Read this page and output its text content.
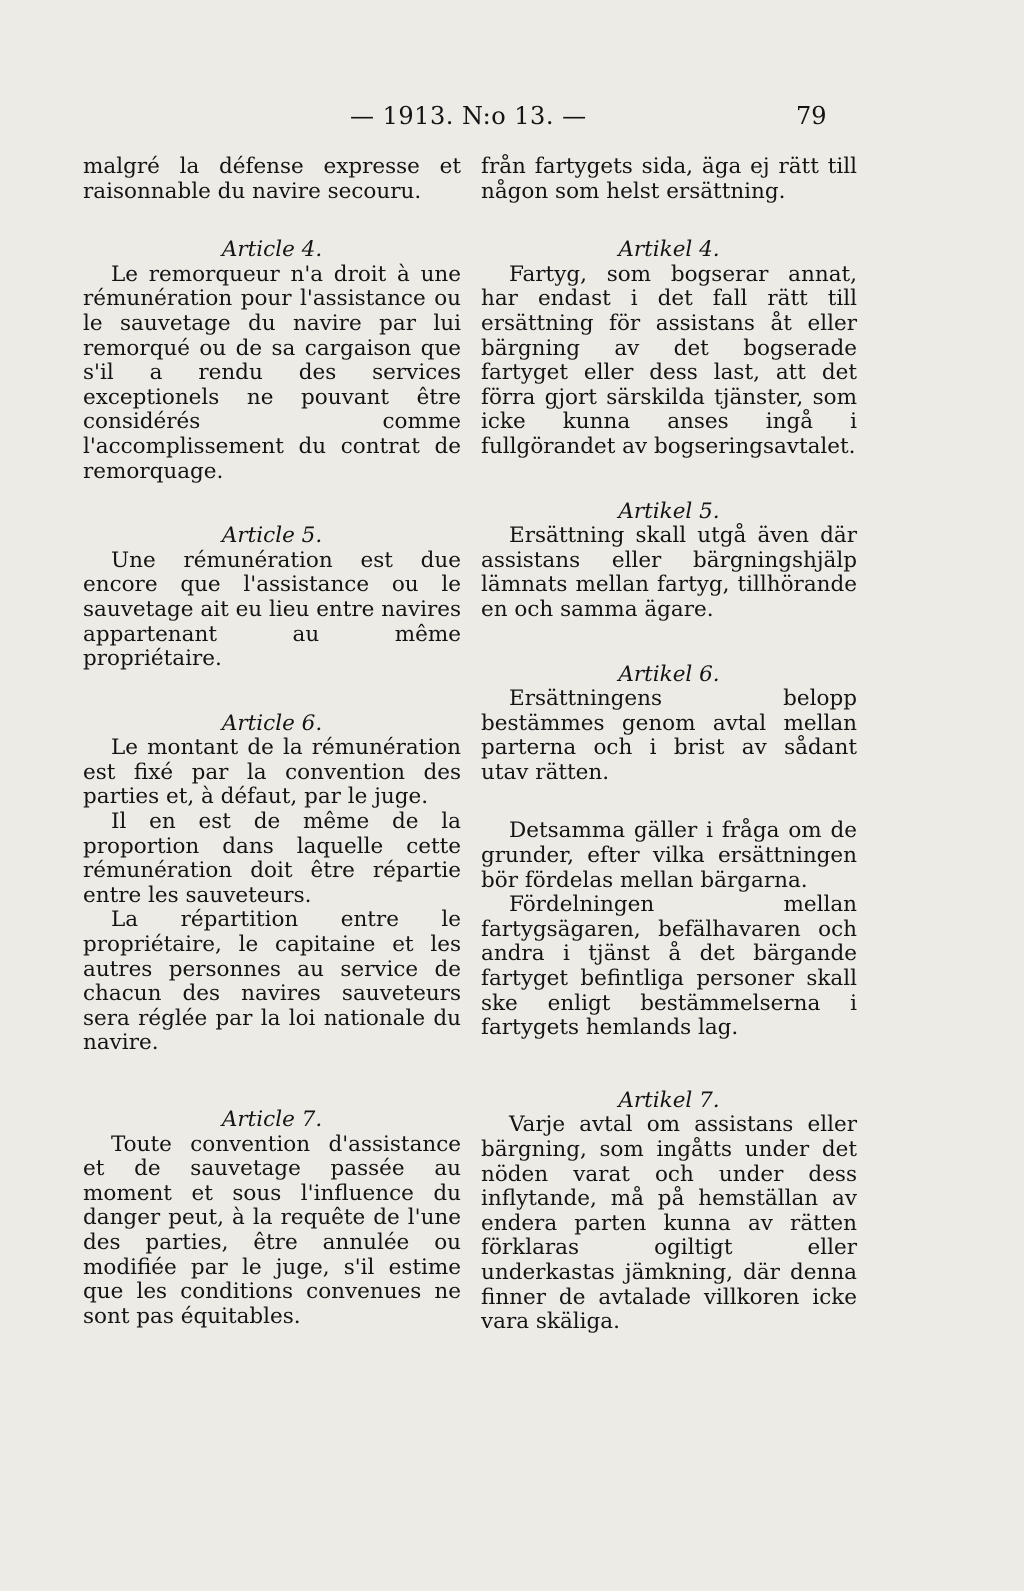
— 1913. N:o 13. —	79

malgré la défense expresse et raisonnable du navire secouru.

Article 4.

Le remorqueur n'a droit à une rémunération pour l'assistance ou le sauvetage du navire par lui remorqué ou de sa cargaison que s'il a rendu des services exceptionels ne pouvant être considérés comme l'accomplissement du contrat de remorquage.

Article 5.

Une rémunération est due encore que l'assistance ou le sauvetage ait eu lieu entre navires appartenant au même propriétaire.

Article 6.

Le montant de la rémunération est fixé par la convention des parties et, à défaut, par le juge.

Il en est de même de la proportion dans laquelle cette rémunération doit être répartie entre les sauveteurs.

La répartition entre le propriétaire, le capitaine et les autres personnes au service de chacun des navires sauveteurs sera réglée par la loi nationale du navire.

Article 7.

Toute convention d'assistance et de sauvetage passée au moment et sous l'influence du danger peut, à la requête de l'une des parties, être annulée ou modifiée par le juge, s'il estime que les conditions convenues ne sont pas équitables.

från fartygets sida, äga ej rätt till någon som helst ersättning.

Artikel 4.

Fartyg, som bogserar annat, har endast i det fall rätt till ersättning för assistans åt eller bärgning av det bogserade fartyget eller dess last, att det förra gjort särskilda tjänster, som icke kunna anses ingå i fullgörandet av bogseringsavtalet.

Artikel 5.

Ersättning skall utgå även där assistans eller bärgningshjälp lämnats mellan fartyg, tillhörande en och samma ägare.

Artikel 6.

Ersättningens belopp bestämmes genom avtal mellan parterna och i brist av sådant utav rätten.

Detsamma gäller i fråga om de grunder, efter vilka ersättningen bör fördelas mellan bärgarna.

Fördelningen mellan fartygsägaren, befälhavaren och andra i tjänst å det bärgande fartyget befintliga personer skall ske enligt bestämmelserna i fartygets hemlands lag.

Artikel 7.

Varje avtal om assistans eller bärgning, som ingåtts under det nöden varat och under dess inflytande, må på hemställan av endera parten kunna av rätten förklaras ogiltigt eller underkastas jämkning, där denna finner de avtalade villkoren icke vara skäliga.
